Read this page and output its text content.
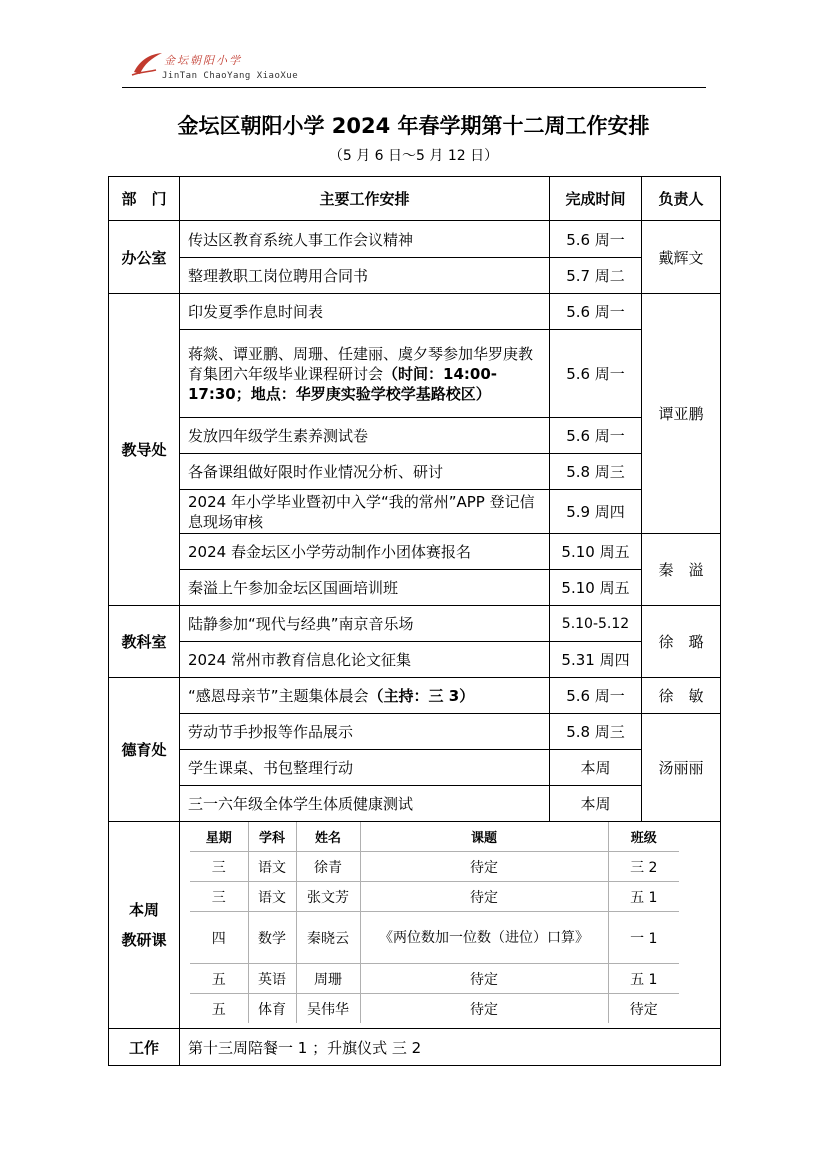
金坛朝阳小学
JinTan ChaoYang XiaoXue
金坛区朝阳小学 2024 年春学期第十二周工作安排
（5 月 6 日～5 月 12 日）
部　门	主要工作安排	完成时间	负责人
办公室	传达区教育系统人事工作会议精神	5.6 周一	戴辉文
整理教职工岗位聘用合同书	5.7 周二
教导处	印发夏季作息时间表	5.6 周一	谭亚鹏
蒋燚、谭亚鹏、周珊、任建丽、虞夕琴参加华罗庚教育集团六年级毕业课程研讨会（时间：14:00-17:30；地点：华罗庚实验学校学基路校区）	5.6 周一
发放四年级学生素养测试卷	5.6 周一
各备课组做好限时作业情况分析、研讨	5.8 周三
2024 年小学毕业暨初中入学“我的常州”APP 登记信息现场审核	5.9 周四
2024 春金坛区小学劳动制作小团体赛报名	5.10 周五	秦　溢
秦溢上午参加金坛区国画培训班	5.10 周五
教科室	陆静参加“现代与经典”南京音乐场	5.10-5.12	徐　璐
2024 常州市教育信息化论文征集	5.31 周四
德育处	“感恩母亲节”主题集体晨会（主持：三 3）	5.6 周一	徐　敏
劳动节手抄报等作品展示	5.8 周三	汤丽丽
学生课桌、书包整理行动	本周
三一六年级全体学生体质健康测试	本周

本周
教研课

星期	学科	姓名	课题	班级
三	语文	徐青	待定	三 2
三	语文	张文芳	待定	五 1
四	数学	秦晓云	《两位数加一位数（进位）口算》	一 1
五	英语	周珊	待定	五 1
五	体育	吴伟华	待定	待定

工作	第十三周陪餐一 1 ；升旗仪式 三 2
